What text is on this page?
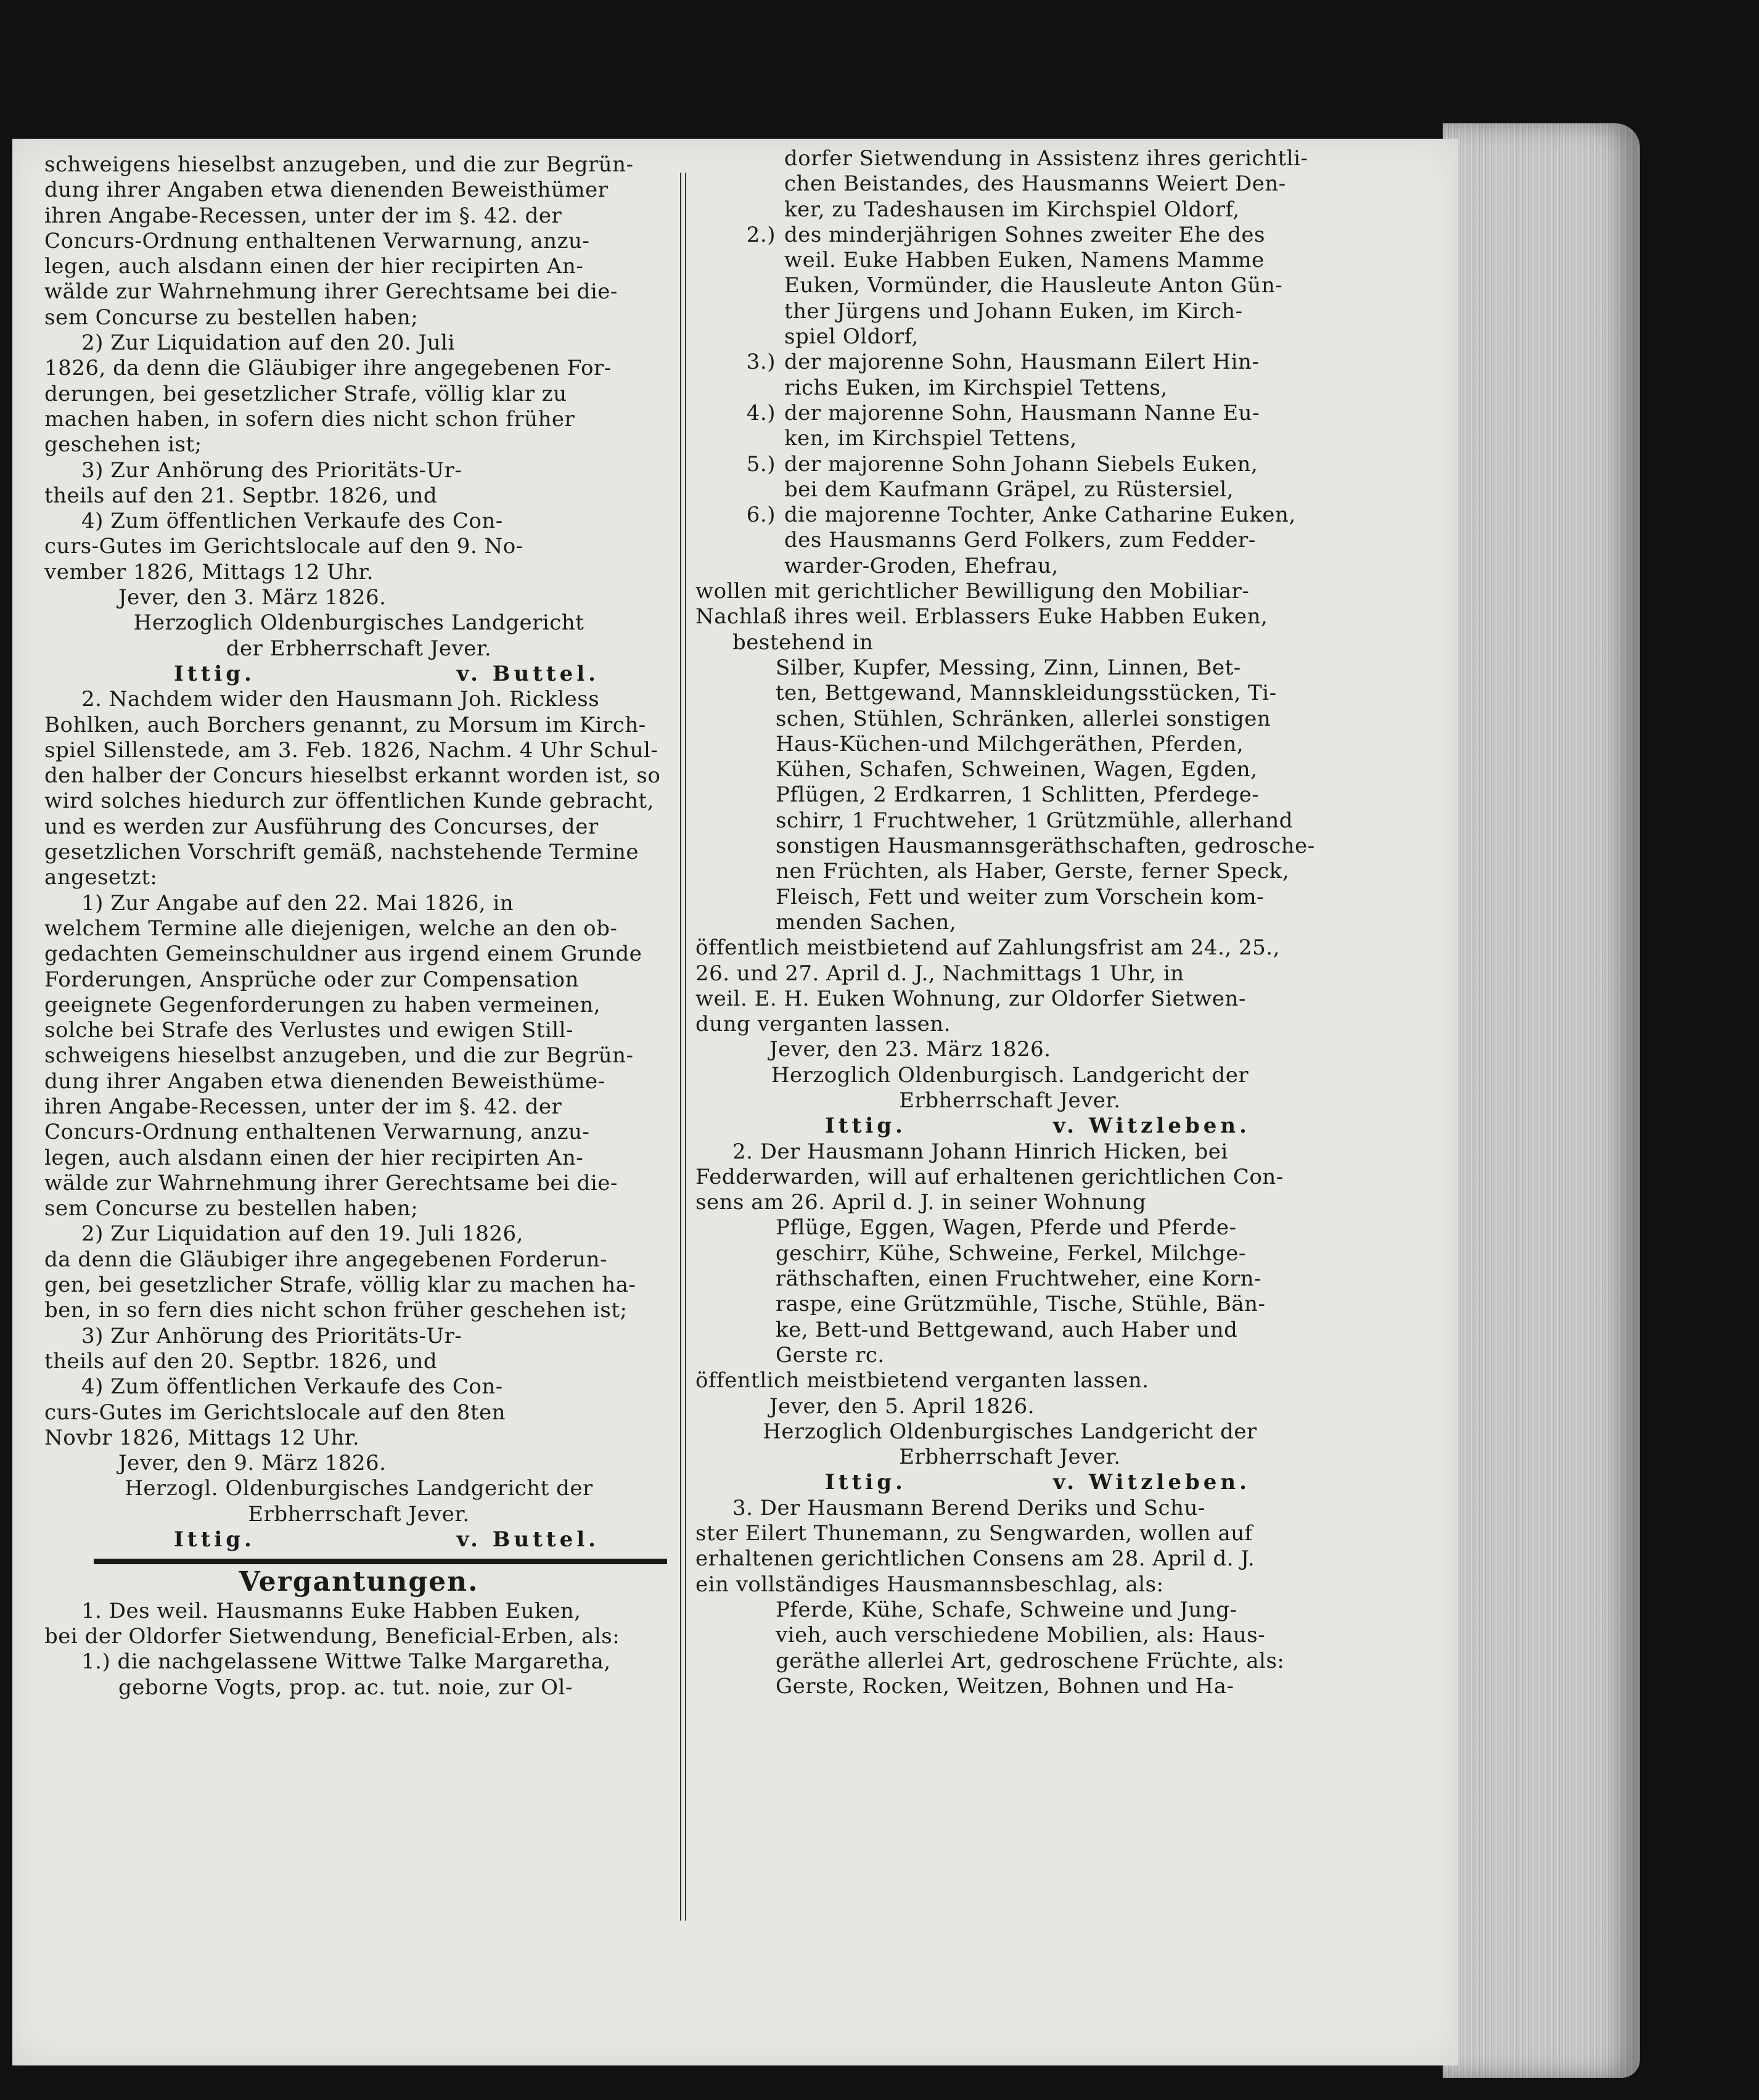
schweigens hieselbst anzugeben, und die zur Begrün-

dung ihrer Angaben etwa dienenden Beweisthümer

ihren Angabe-Recessen, unter der im §. 42. der

Concurs-Ordnung enthaltenen Verwarnung, anzu-

legen, auch alsdann einen der hier recipirten An-

wälde zur Wahrnehmung ihrer Gerechtsame bei die-

sem Concurse zu bestellen haben;

2) Zur Liquidation auf den 20. Juli

1826, da denn die Gläubiger ihre angegebenen For-

derungen, bei gesetzlicher Strafe, völlig klar zu

machen haben, in sofern dies nicht schon früher

geschehen ist;

3) Zur Anhörung des Prioritäts-Ur-

theils auf den 21. Septbr. 1826, und

4) Zum öffentlichen Verkaufe des Con-

curs-Gutes im Gerichtslocale auf den 9. No-

vember 1826, Mittags 12 Uhr.

Jever, den 3. März 1826.

Herzoglich Oldenburgisches Landgericht

der Erbherrschaft Jever.

Ittig.	v. Buttel.

2. Nachdem wider den Hausmann Joh. Rickless

Bohlken, auch Borchers genannt, zu Morsum im Kirch-

spiel Sillenstede, am 3. Feb. 1826, Nachm. 4 Uhr Schul-

den halber der Concurs hieselbst erkannt worden ist, so

wird solches hiedurch zur öffentlichen Kunde gebracht,

und es werden zur Ausführung des Concurses, der

gesetzlichen Vorschrift gemäß, nachstehende Termine

angesetzt:

1) Zur Angabe auf den 22. Mai 1826, in

welchem Termine alle diejenigen, welche an den ob-

gedachten Gemeinschuldner aus irgend einem Grunde

Forderungen, Ansprüche oder zur Compensation

geeignete Gegenforderungen zu haben vermeinen,

solche bei Strafe des Verlustes und ewigen Still-

schweigens hieselbst anzugeben, und die zur Begrün-

dung ihrer Angaben etwa dienenden Beweisthüme-

ihren Angabe-Recessen, unter der im §. 42. der

Concurs-Ordnung enthaltenen Verwarnung, anzu-

legen, auch alsdann einen der hier recipirten An-

wälde zur Wahrnehmung ihrer Gerechtsame bei die-

sem Concurse zu bestellen haben;

2) Zur Liquidation auf den 19. Juli 1826,

da denn die Gläubiger ihre angegebenen Forderun-

gen, bei gesetzlicher Strafe, völlig klar zu machen ha-

ben, in so fern dies nicht schon früher geschehen ist;

3) Zur Anhörung des Prioritäts-Ur-

theils auf den 20. Septbr. 1826, und

4) Zum öffentlichen Verkaufe des Con-

curs-Gutes im Gerichtslocale auf den 8ten

Novbr 1826, Mittags 12 Uhr.

Jever, den 9. März 1826.

Herzogl. Oldenburgisches Landgericht der

Erbherrschaft Jever.

Ittig.	v. Buttel.
Vergantungen.

1. Des weil. Hausmanns Euke Habben Euken,

bei der Oldorfer Sietwendung, Beneficial-Erben, als:

1.) die nachgelassene Wittwe Talke Margaretha,

geborne Vogts, prop. ac. tut. noie, zur Ol-

dorfer Sietwendung in Assistenz ihres gerichtli-

chen Beistandes, des Hausmanns Weiert Den-

ker, zu Tadeshausen im Kirchspiel Oldorf,

2.) des minderjährigen Sohnes zweiter Ehe des
weil. Euke Habben Euken, Namens Mamme
Euken, Vormünder, die Hausleute Anton Gün-
ther Jürgens und Johann Euken, im Kirch-
spiel Oldorf,
3.) der majorenne Sohn, Hausmann Eilert Hin-
richs Euken, im Kirchspiel Tettens,
4.) der majorenne Sohn, Hausmann Nanne Eu-
ken, im Kirchspiel Tettens,
5.) der majorenne Sohn Johann Siebels Euken,
bei dem Kaufmann Gräpel, zu Rüstersiel,
6.) die majorenne Tochter, Anke Catharine Euken,
des Hausmanns Gerd Folkers, zum Fedder-
warder-Groden, Ehefrau,

wollen mit gerichtlicher Bewilligung den Mobiliar-

Nachlaß ihres weil. Erblassers Euke Habben Euken,

bestehend in

Silber, Kupfer, Messing, Zinn, Linnen, Bet-

ten, Bettgewand, Mannskleidungsstücken, Ti-

schen, Stühlen, Schränken, allerlei sonstigen

Haus-Küchen-und Milchgeräthen, Pferden,

Kühen, Schafen, Schweinen, Wagen, Egden,

Pflügen, 2 Erdkarren, 1 Schlitten, Pferdege-

schirr, 1 Fruchtweher, 1 Grützmühle, allerhand

sonstigen Hausmannsgeräthschaften, gedrosche-

nen Früchten, als Haber, Gerste, ferner Speck,

Fleisch, Fett und weiter zum Vorschein kom-

menden Sachen,

öffentlich meistbietend auf Zahlungsfrist am 24., 25.,

26. und 27. April d. J., Nachmittags 1 Uhr, in

weil. E. H. Euken Wohnung, zur Oldorfer Sietwen-

dung verganten lassen.

Jever, den 23. März 1826.

Herzoglich Oldenburgisch. Landgericht der

Erbherrschaft Jever.

Ittig.	v. Witzleben.

2. Der Hausmann Johann Hinrich Hicken, bei

Fedderwarden, will auf erhaltenen gerichtlichen Con-

sens am 26. April d. J. in seiner Wohnung

Pflüge, Eggen, Wagen, Pferde und Pferde-

geschirr, Kühe, Schweine, Ferkel, Milchge-

räthschaften, einen Fruchtweher, eine Korn-

raspe, eine Grützmühle, Tische, Stühle, Bän-

ke, Bett-und Bettgewand, auch Haber und

Gerste rc.

öffentlich meistbietend verganten lassen.

Jever, den 5. April 1826.

Herzoglich Oldenburgisches Landgericht der

Erbherrschaft Jever.

Ittig.	v. Witzleben.

3. Der Hausmann Berend Deriks und Schu-

ster Eilert Thunemann, zu Sengwarden, wollen auf

erhaltenen gerichtlichen Consens am 28. April d. J.

ein vollständiges Hausmannsbeschlag, als:

Pferde, Kühe, Schafe, Schweine und Jung-

vieh, auch verschiedene Mobilien, als: Haus-

geräthe allerlei Art, gedroschene Früchte, als:

Gerste, Rocken, Weitzen, Bohnen und Ha-
